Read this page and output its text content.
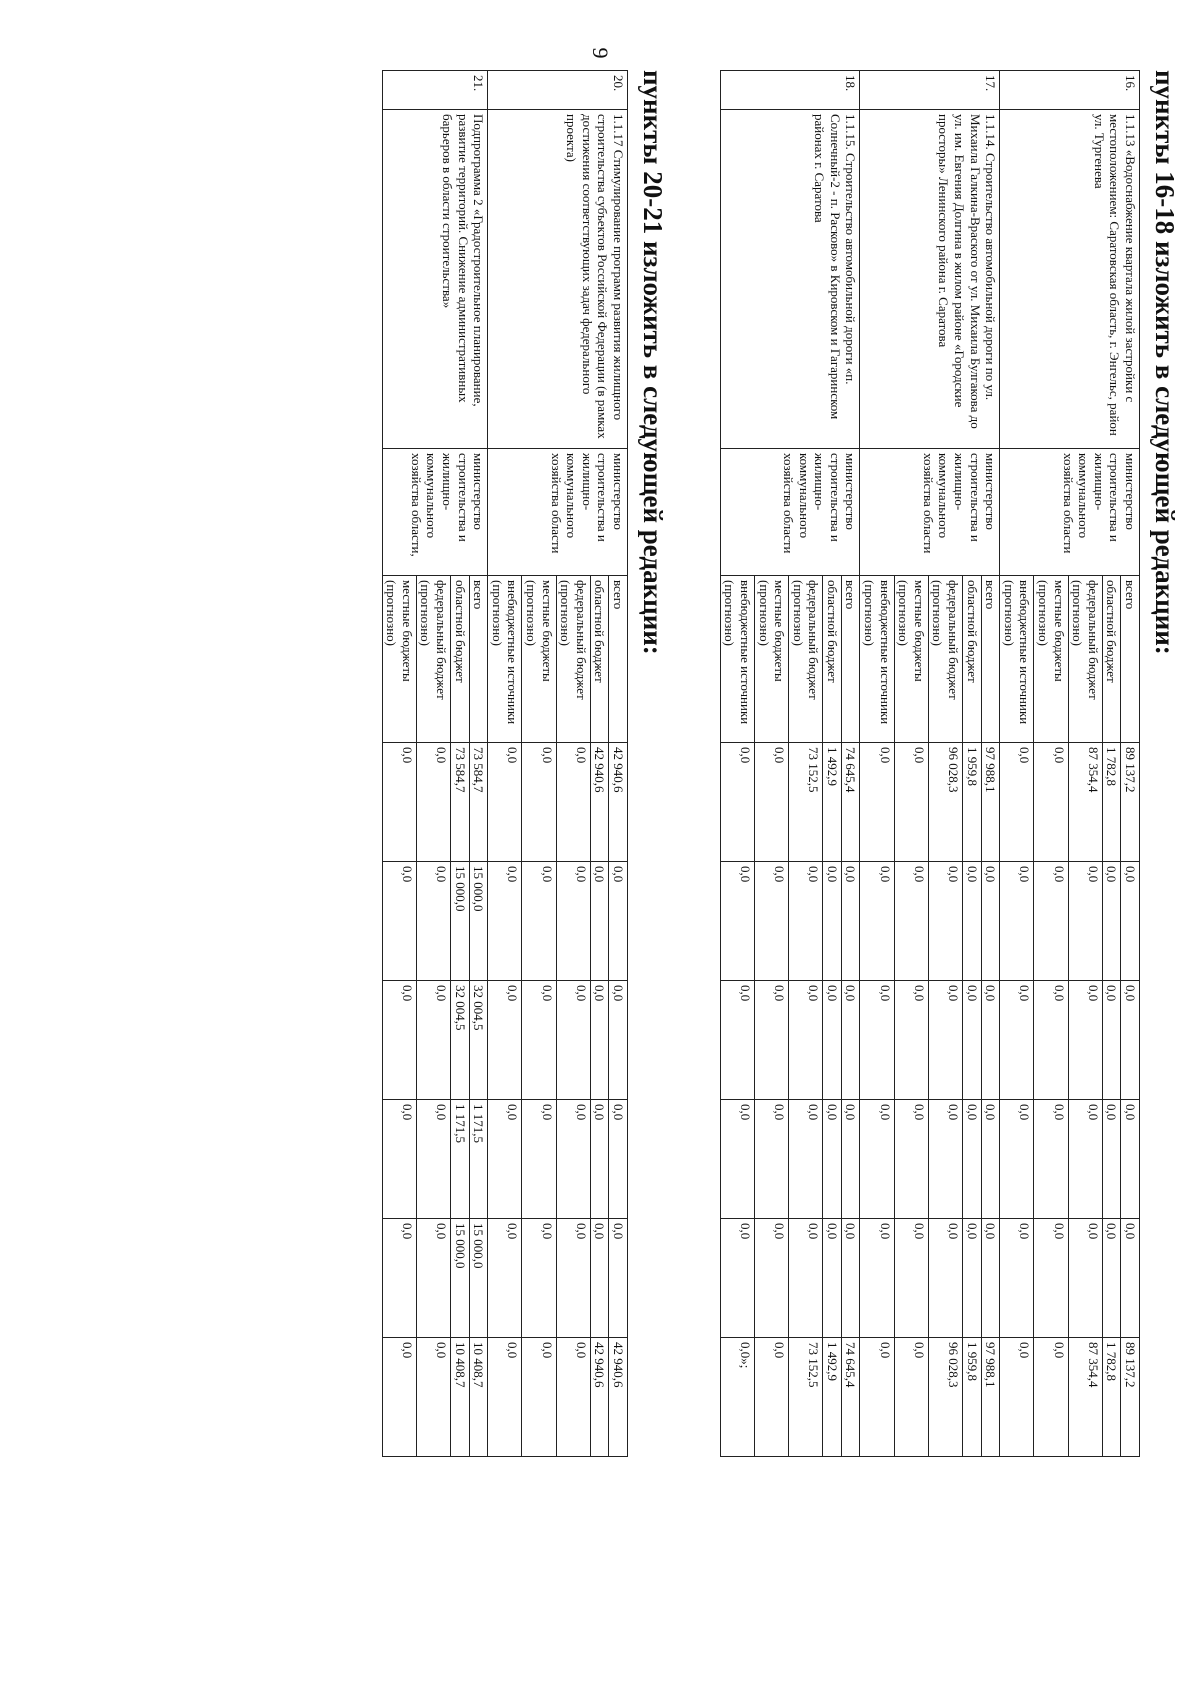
9
пункты 16-18 изложить в следующей редакции:
16.	1.1.13 «Водоснабжение квартала жилой застройки с местоположением: Саратовская область, г. Энгельс, район ул. Тургенева	министерство строительства и жилищно-коммунального хозяйства области	всего	89 137,2	0,0	0,0	0,0	0,0	89 137,2
			областной бюджет	1 782,8	0,0	0,0	0,0	0,0	1 782,8
			федеральный бюджет (прогнозно)	87 354,4	0,0	0,0	0,0	0,0	87 354,4
			местные бюджеты (прогнозно)	0,0	0,0	0,0	0,0	0,0	0,0
			внебюджетные источники (прогнозно)	0,0	0,0	0,0	0,0	0,0	0,0
17.	1.1.14. Строительство автомобильной дороги по ул. Михаила Галкина-Враского от ул. Михаила Булгакова до ул. им. Евгения Долгина в жилом районе «Городские просторы» Ленинского района г. Саратова	министерство строительства и жилищно-коммунального хозяйства области	всего	97 988,1	0,0	0,0	0,0	0,0	97 988,1
			областной бюджет	1 959,8	0,0	0,0	0,0	0,0	1 959,8
			федеральный бюджет (прогнозно)	96 028,3	0,0	0,0	0,0	0,0	96 028,3
			местные бюджеты (прогнозно)	0,0	0,0	0,0	0,0	0,0	0,0
			внебюджетные источники (прогнозно)	0,0	0,0	0,0	0,0	0,0	0,0
18.	1.1.15. Строительство автомобильной дороги «п. Солнечный-2 - п. Расково» в Кировском и Гагаринском районах г. Саратова	министерство строительства и жилищно-коммунального хозяйства области	всего	74 645,4	0,0	0,0	0,0	0,0	74 645,4
			областной бюджет	1 492,9	0,0	0,0	0,0	0,0	1 492,9
			федеральный бюджет (прогнозно)	73 152,5	0,0	0,0	0,0	0,0	73 152,5
			местные бюджеты (прогнозно)	0,0	0,0	0,0	0,0	0,0	0,0
			внебюджетные источники (прогнозно)	0,0	0,0	0,0	0,0	0,0	0,0»;
пункты 20-21 изложить в следующей редакции:
20.	1.1.17 Стимулирование программ развития жилищного строительства субъектов Российской Федерации (в рамках достижения соответствующих задач федерального проекта)	министерство строительства и жилищно-коммунального хозяйства области	всего	42 940,6	0,0	0,0	0,0	0,0	42 940,6
			областной бюджет	42 940,6	0,0	0,0	0,0	0,0	42 940,6
			федеральный бюджет (прогнозно)	0,0	0,0	0,0	0,0	0,0	0,0
			местные бюджеты (прогнозно)	0,0	0,0	0,0	0,0	0,0	0,0
			внебюджетные источники (прогнозно)	0,0	0,0	0,0	0,0	0,0	0,0
21.	Подпрограмма 2 «Градостроительное планирование, развитие территорий. Снижение административных барьеров в области строительства»	министерство строительства и жилищно-коммунального хозяйства области,	всего	73 584,7	15 000,0	32 004,5	1 171,5	15 000,0	10 408,7
			областной бюджет	73 584,7	15 000,0	32 004,5	1 171,5	15 000,0	10 408,7
			федеральный бюджет (прогнозно)	0,0	0,0	0,0	0,0	0,0	0,0
			местные бюджеты (прогнозно)	0,0	0,0	0,0	0,0	0,0	0,0
